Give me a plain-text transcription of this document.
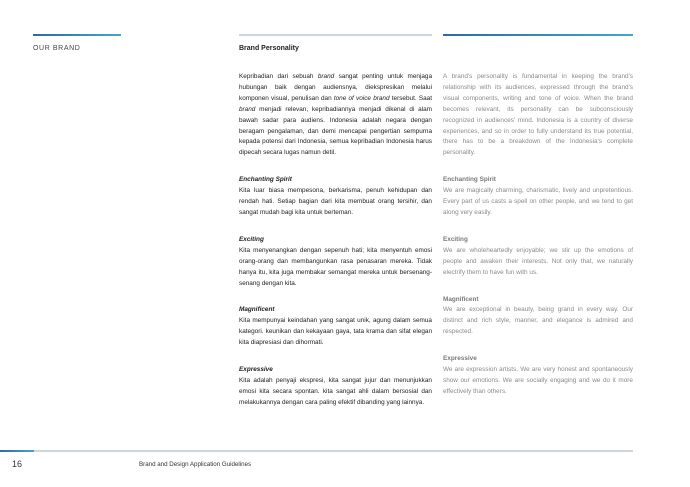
OUR BRAND	Brand Personality

Kepribadian dari sebuah brand sangat penting untuk menjaga hubungan baik dengan audiensnya, diekspresikan melalui komponen visual, penulisan dan tone of voice brand tersebut. Saat brand menjadi relevan, kepribadiannya menjadi dikenal di alam bawah sadar para audiens. Indonesia adalah negara dengan beragam pengalaman, dan demi mencapai pengertian sempurna kepada potensi dari Indonesia, semua kepribadian Indonesia harus dipecah secara lugas namun detil.

Enchanting Spirit

Kita luar biasa mempesona, berkarisma, penuh kehidupan dan rendah hati. Setiap bagian dari kita membuat orang tersihir, dan sangat mudah bagi kita untuk berteman.

Exciting

Kita menyenangkan dengan sepenuh hati; kita menyentuh emosi orang-orang dan membangunkan rasa penasaran mereka. Tidak hanya itu, kita juga membakar semangat mereka untuk bersenang-senang dengan kita.

Magnificent

Kita mempunyai keindahan yang sangat unik, agung dalam semua kategori. keunikan dan kekayaan gaya, tata krama dan sifat elegan kita diapresiasi dan dihormati.

Expressive

Kita adalah penyaji ekspresi, kita sangat jujur dan menunjukkan emosi kita secara spontan. kita sangat ahli dalam bersosial dan melakukannya dengan cara paling efektif dibanding yang lainnya.

A brand's personality is fundamental in keeping the brand's relationship with its audiences, expressed through the brand's visual components, writing and tone of voice. When the brand becomes relevant, its personality can be subconsciously recognized in audiences' mind. Indonesia is a country of diverse experiences, and so in order to fully understand its true potential, there has to be a breakdown of the Indonesia's complete personality.

Enchanting Spirit

We are magically charming, charismatic, lively and unpretentious. Every part of us casts a spell on other people, and we tend to get along very easily.

Exciting

We are wholeheartedly enjoyable; we stir up the emotions of people and awaken their interests. Not only that, we naturally electrify them to have fun with us.

Magnificent

We are exceptional in beauty, being grand in every way. Our distinct and rich style, manner, and elegance is admired and respected.

Expressive

We are expression artists. We are very honest and spontaneously show our emotions. We are socially engaging and we do it more effectively than others.

16	Brand and Design Application Guidelines
